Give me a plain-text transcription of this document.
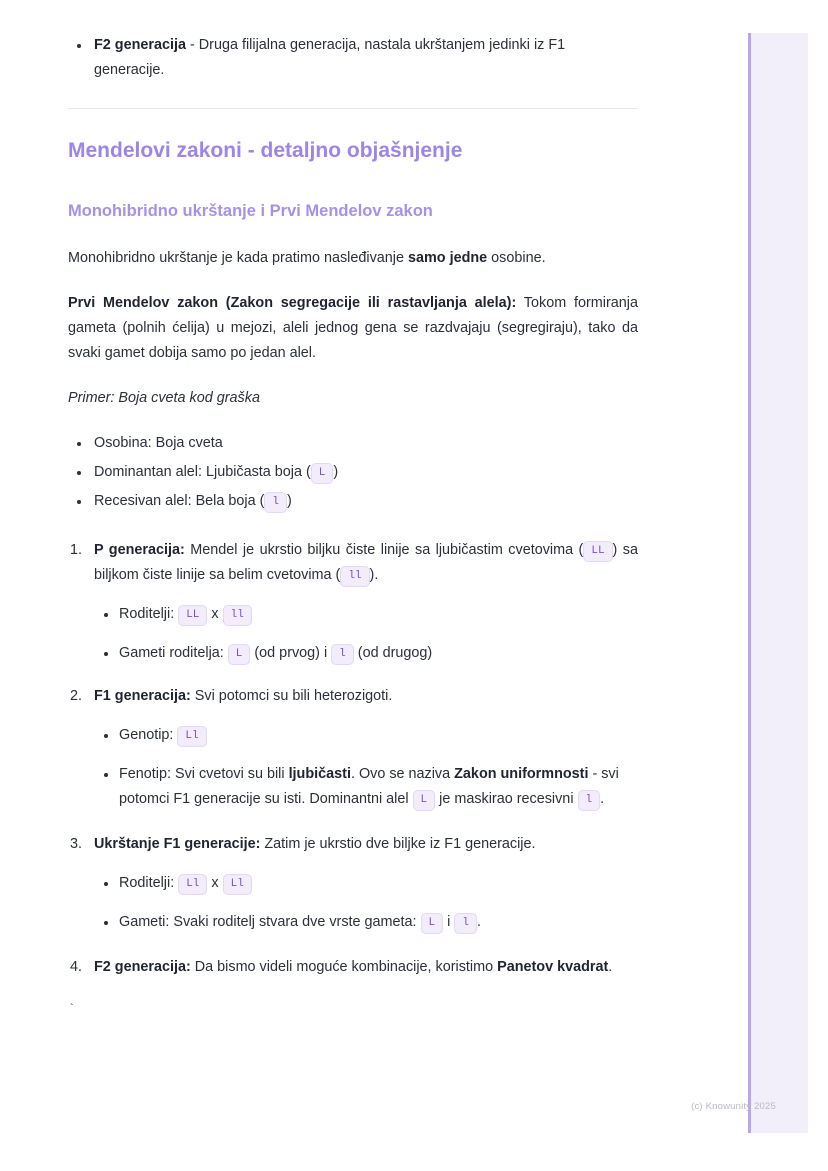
F2 generacija - Druga filijalna generacija, nastala ukrštanjem jedinki iz F1 generacije.
Mendelovi zakoni - detaljno objašnjenje
Monohibridno ukrštanje i Prvi Mendelov zakon

Monohibridno ukrštanje je kada pratimo nasleđivanje samo jedne osobine.

Prvi Mendelov zakon (Zakon segregacije ili rastavljanja alela): Tokom formiranja gameta (polnih ćelija) u mejozi, aleli jednog gena se razdvajaju (segregiraju), tako da svaki gamet dobija samo po jedan alel.

Primer: Boja cveta kod graška

Osobina: Boja cveta
Dominantan alel: Ljubičasta boja ( L )
Recesivan alel: Bela boja ( l )
P generacija: Mendel je ukrstio biljku čiste linije sa ljubičastim cvetovima ( LL ) sa biljkom čiste linije sa belim cvetovima ( ll ).
Roditelji: LL x ll
Gameti roditelja: L (od prvog) i l (od drugog)
F1 generacija: Svi potomci su bili heterozigoti.
Genotip: Ll
Fenotip: Svi cvetovi su bili ljubičasti. Ovo se naziva Zakon uniformnosti - svi potomci F1 generacije su isti. Dominantni alel L je maskirao recesivni l .
Ukrštanje F1 generacije: Zatim je ukrstio dve biljke iz F1 generacije.
Roditelji: Ll x Ll
Gameti: Svaki roditelj stvara dve vrste gameta: L i l .
F2 generacija: Da bismo videli moguće kombinacije, koristimo Panetov kvadrat.
`
(c) Knowunity 2025
